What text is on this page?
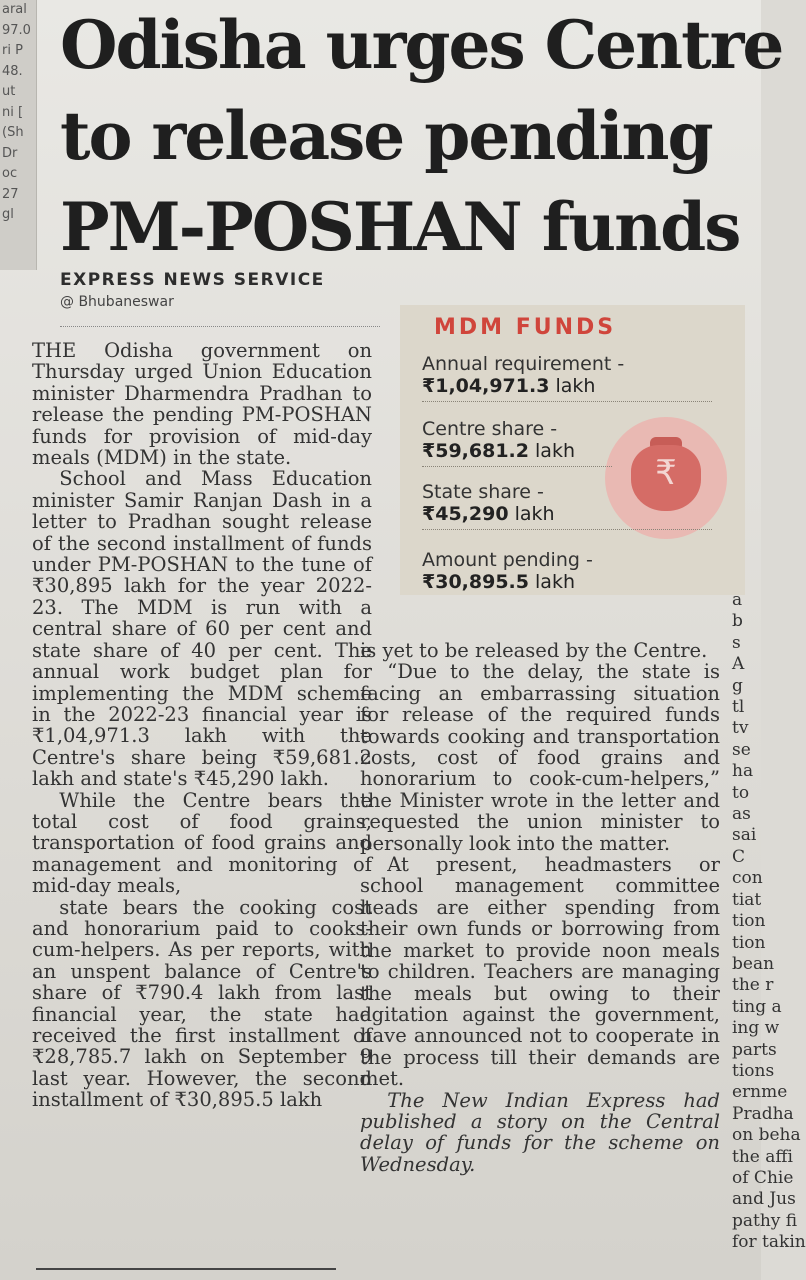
aral
97.0
ri P
48.
ut
ni [
(Sh
Dr
oc
27
gl
Odisha urges Centre
to release pending
PM-POSHAN funds
EXPRESS NEWS SERVICE
@ Bhubaneswar
MDM FUNDS
₹
Annual requirement -
₹1,04,971.3 lakh
Centre share -
₹59,681.2 lakh
State share -
₹45,290 lakh
Amount pending -
₹30,895.5 lakh

THE Odisha government on Thursday urged Union Education minister Dharmendra Pradhan to release the pending PM-POSHAN funds for provision of mid-day meals (MDM) in the state.

School and Mass Education minister Samir Ranjan Dash in a letter to Pradhan sought release of the second installment of funds under PM-POSHAN to the tune of ₹30,895 lakh for the year 2022-23. The MDM is run with a central share of 60 per cent and state share of 40 per cent. The annual work budget plan for implementing the MDM scheme in the 2022-23 financial year is ₹1,04,971.3 lakh with the Centre's share being ₹59,681.2 lakh and state's ₹45,290 lakh.

While the Centre bears the total cost of food grains, transportation of food grains and management and monitoring of mid-day meals,

state bears the cooking cost and honorarium paid to cooks-cum-helpers. As per reports, with an unspent balance of Centre's share of ₹790.4 lakh from last financial year, the state had received the first installment of ₹28,785.7 lakh on September 9 last year. However, the second installment of ₹30,895.5 lakh

is yet to be released by the Centre.

“Due to the delay, the state is facing an embarrassing situation for release of the required funds towards cooking and transportation costs, cost of food grains and honorarium to cook-cum-helpers,” the Minister wrote in the letter and requested the union minister to personally look into the matter.

At present, headmasters or school management committee heads are either spending from their own funds or borrowing from the market to provide noon meals to children. Teachers are managing the meals but owing to their agitation against the government, have announced not to cooperate in the process till their demands are met.

The New Indian Express had published a story on the Central delay of funds for the scheme on Wednesday.

a
b
s
A
g
tl
tv
se
ha
to
as
sai
C
con
tiat
tion
tion
bean
the r
ting a
ing w
parts
tions
ernme
Pradha
on beha
the affi
of Chie
and Jus
pathy fi
for takin
